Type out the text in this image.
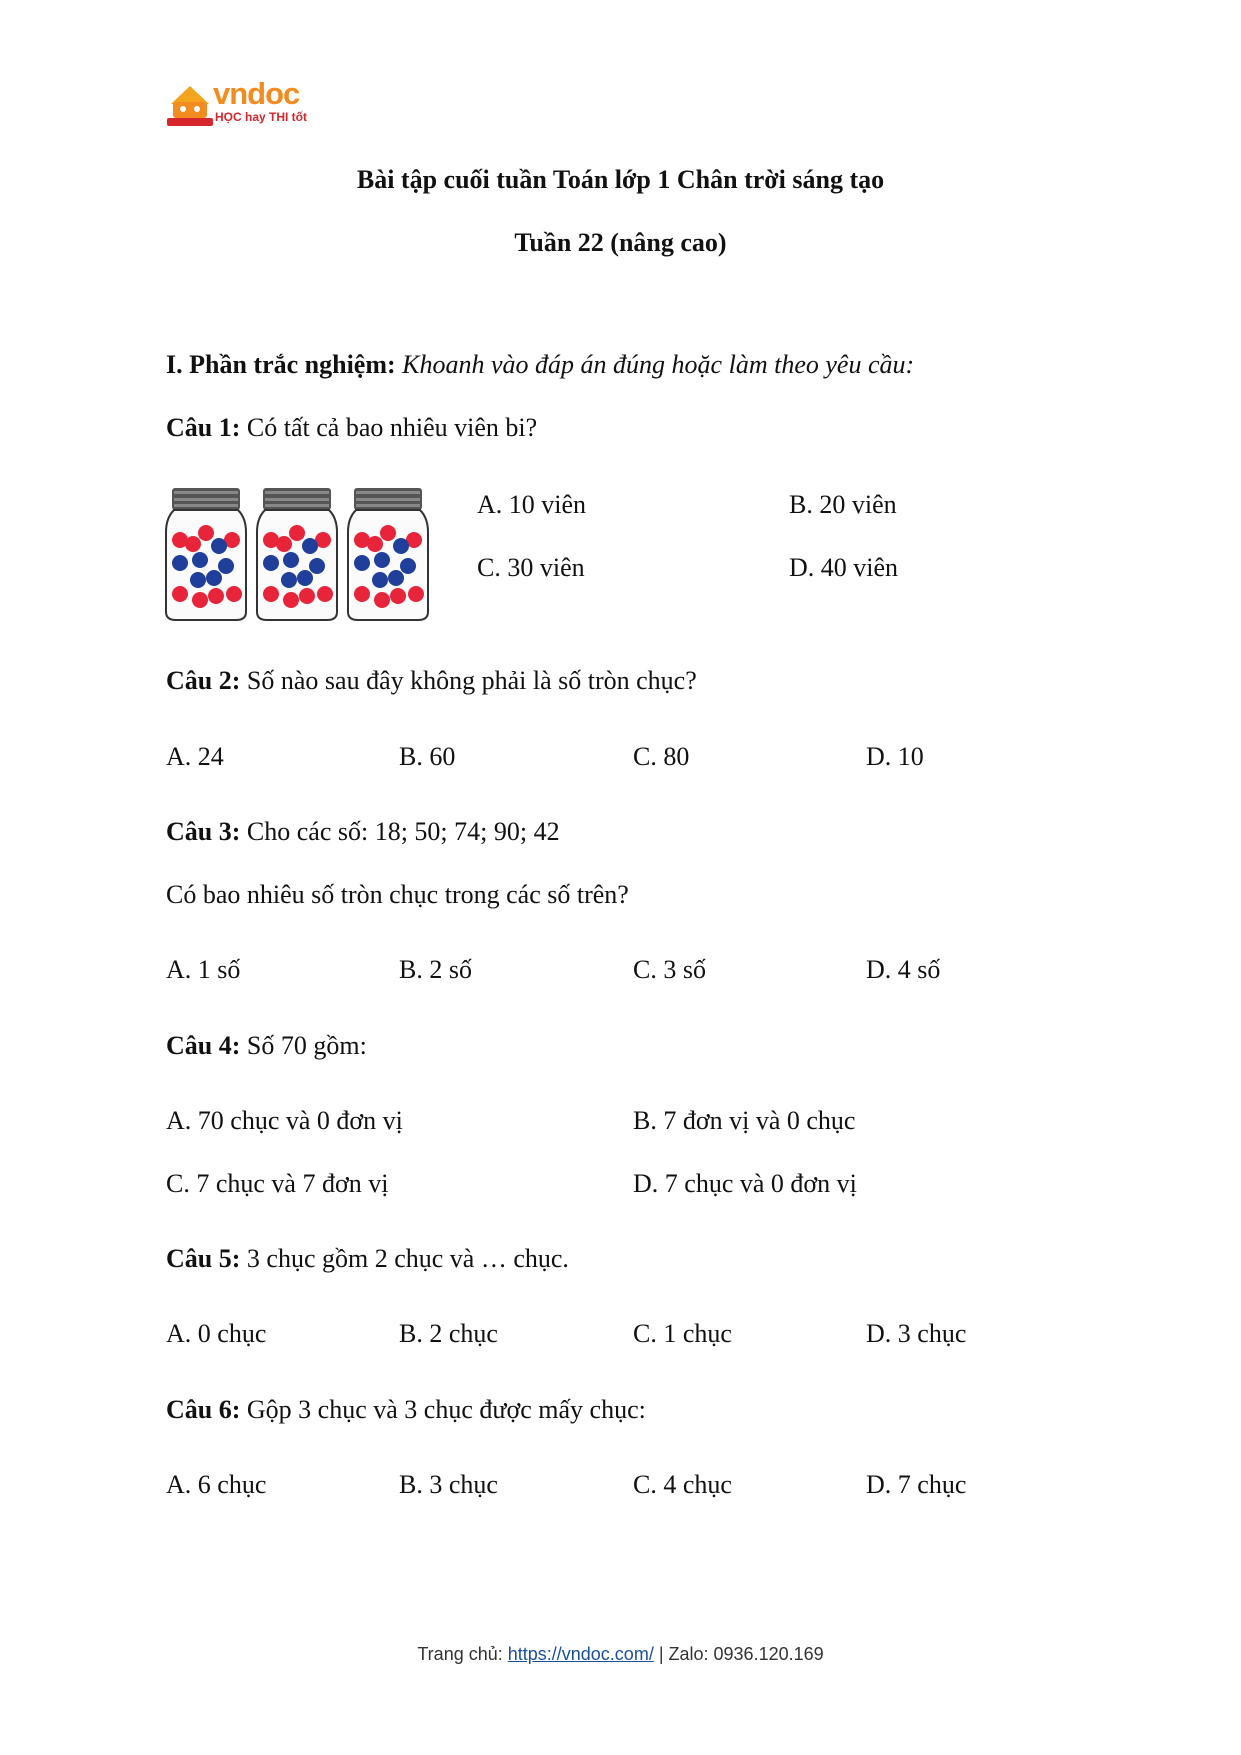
vndoc
HỌC hay THI tốt
Bài tập cuối tuần Toán lớp 1 Chân trời sáng tạo
Tuần 22 (nâng cao)
I. Phần trắc nghiệm: Khoanh vào đáp án đúng hoặc làm theo yêu cầu:
Câu 1: Có tất cả bao nhiêu viên bi?
A. 10 viên	B. 20 viên
C. 30 viên	D. 40 viên
Câu 2: Số nào sau đây không phải là số tròn chục?
A. 24	B. 60	C. 80	D. 10
Câu 3: Cho các số: 18; 50; 74; 90; 42
Có bao nhiêu số tròn chục trong các số trên?
A. 1 số	B. 2 số	C. 3 số	D. 4 số
Câu 4: Số 70 gồm:
A. 70 chục và 0 đơn vị	B. 7 đơn vị và 0 chục
C. 7 chục và 7 đơn vị	D. 7 chục và 0 đơn vị
Câu 5: 3 chục gồm 2 chục và … chục.
A. 0 chục	B. 2 chục	C. 1 chục	D. 3 chục
Câu 6: Gộp 3 chục và 3 chục được mấy chục:
A. 6 chục	B. 3 chục	C. 4 chục	D. 7 chục
Trang chủ: https://vndoc.com/ | Zalo: 0936.120.169
